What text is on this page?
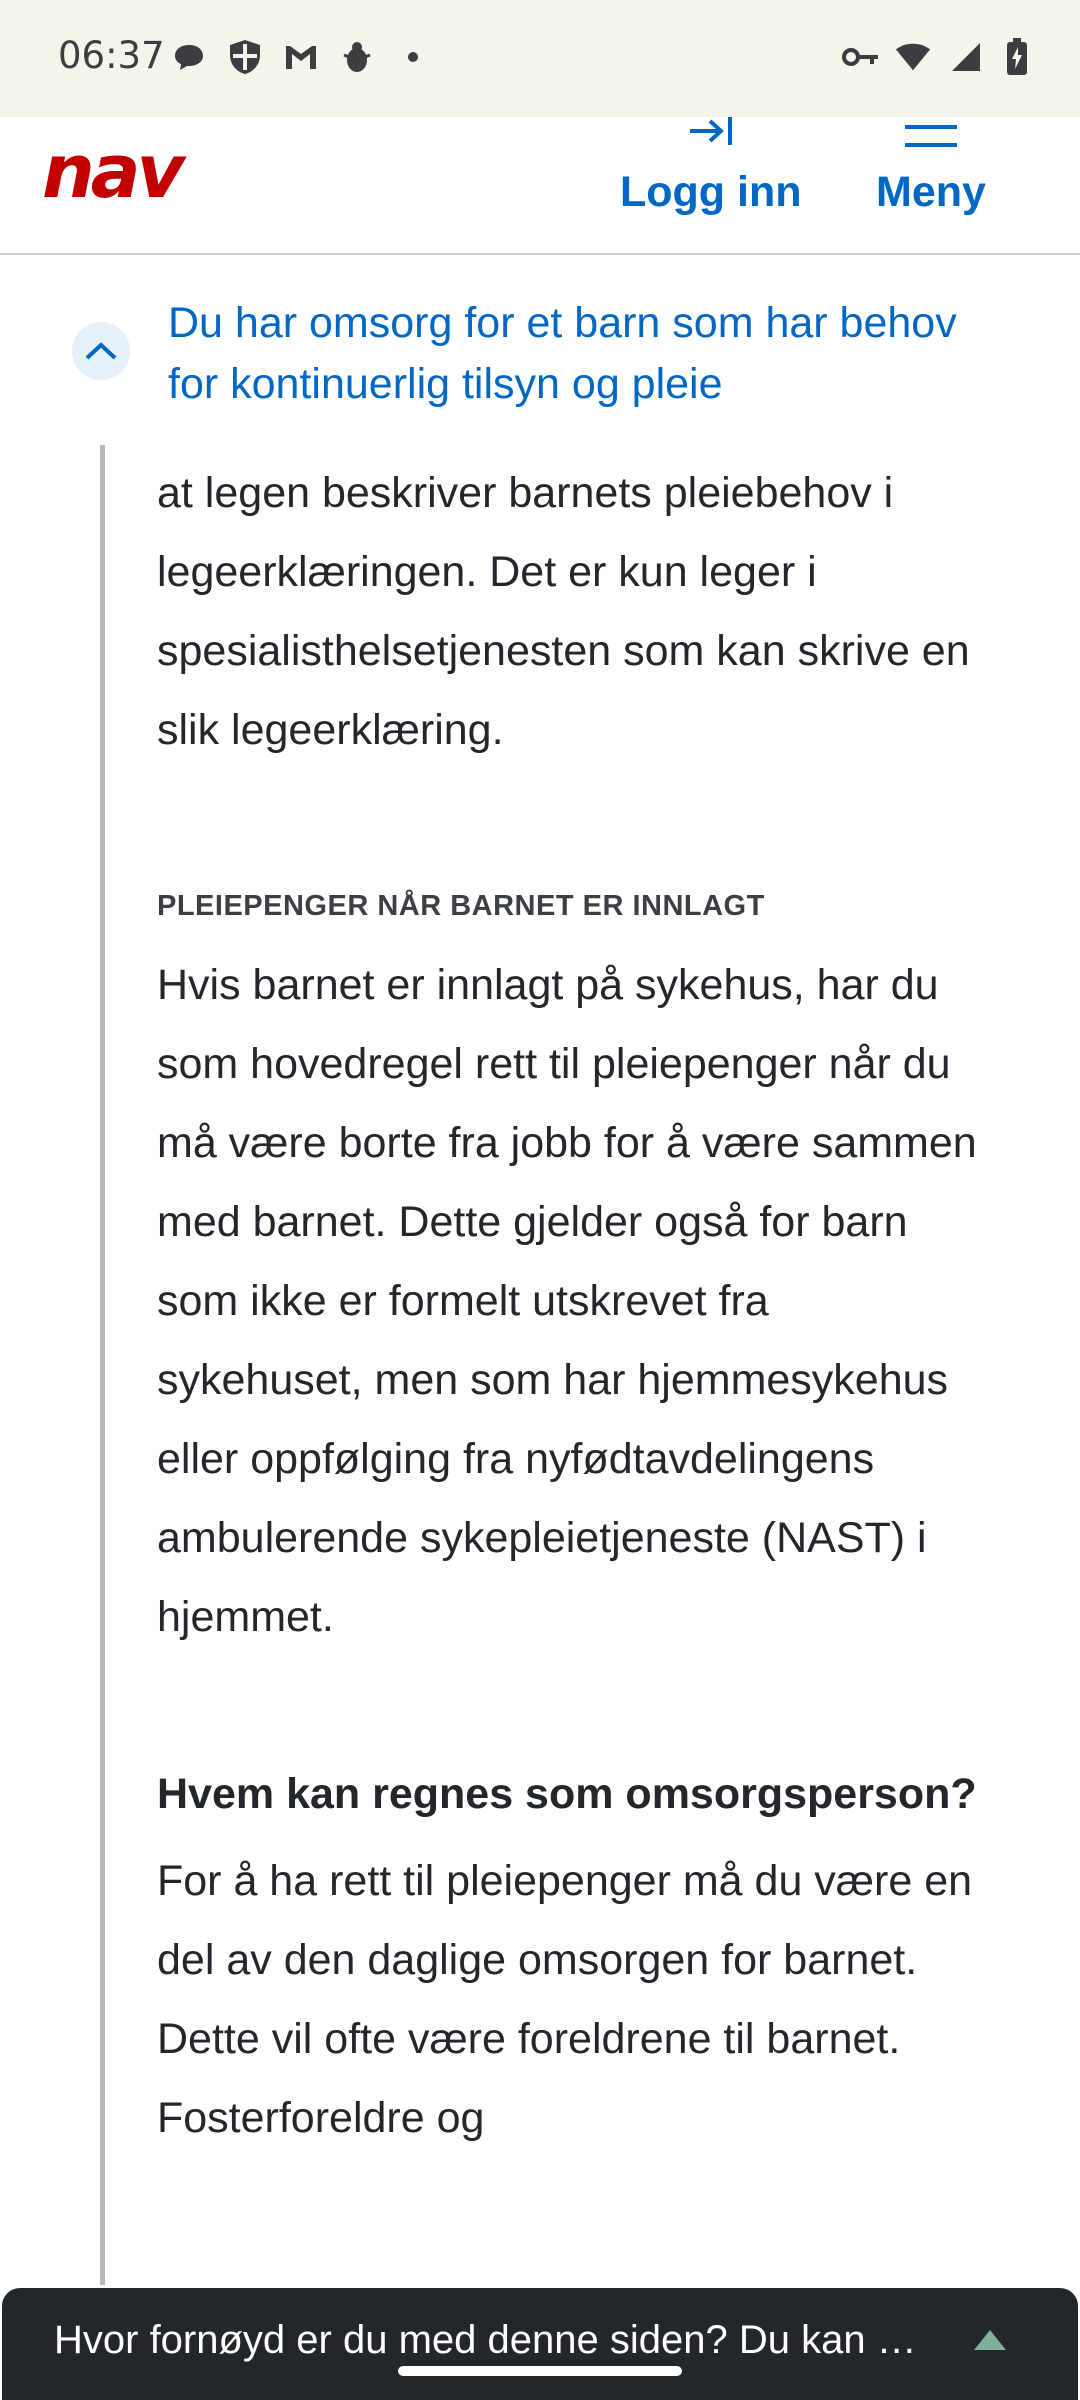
06:37
nav	Logg inn Meny

at legen beskriver barnets pleiebehov i legeerklæringen. Det er kun leger i spesialisthelsetjenesten som kan skrive en slik legeerklæring.

PLEIEPENGER NÅR BARNET ER INNLAGT

Hvis barnet er innlagt på sykehus, har du som hovedregel rett til pleiepenger når du må være borte fra jobb for å være sammen med barnet. Dette gjelder også for barn som ikke er formelt utskrevet fra sykehuset, men som har hjemmesykehus eller oppfølging fra nyfødtavdelingens ambulerende sykepleietjeneste (NAST) i hjemmet.

Hvem kan regnes som omsorgsperson?

For å ha rett til pleiepenger må du være en del av den daglige omsorgen for barnet. Dette vil ofte være foreldrene til barnet. Fosterforeldre og

Du har omsorg for et barn som har behov for kontinuerlig tilsyn og pleie
Hvor fornøyd er du med denne siden? Du kan …
